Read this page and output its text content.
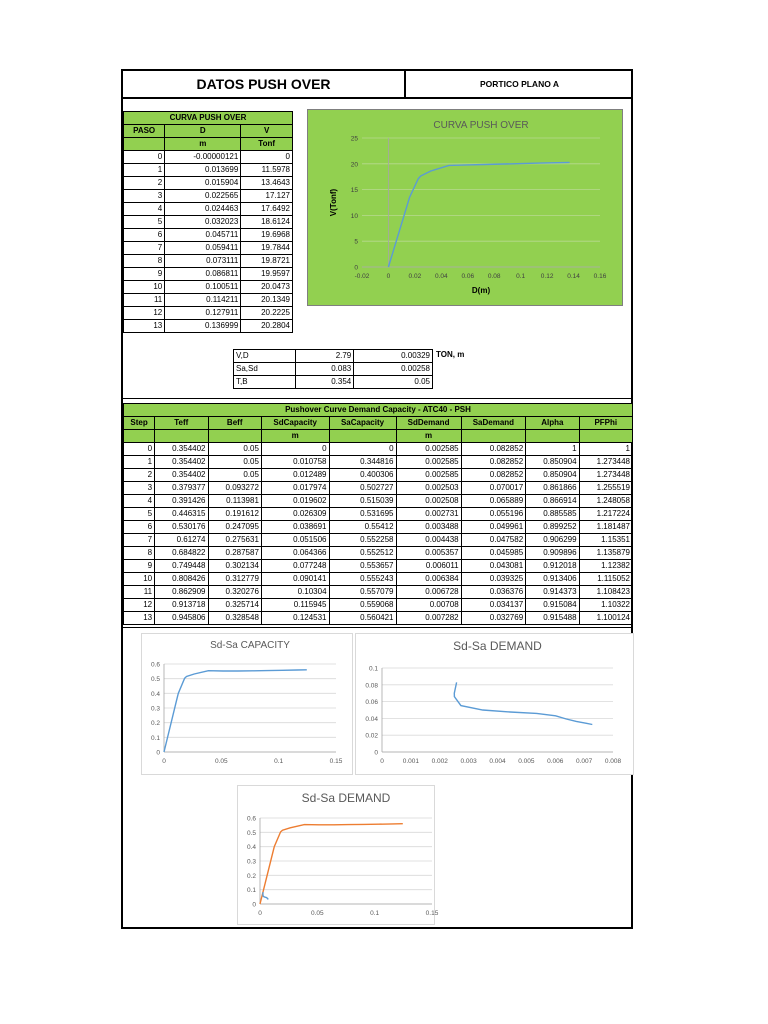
DATOS PUSH OVER	PORTICO PLANO A
CURVA PUSH OVER		
PASO	D	V
	m	Tonf
0	-0.00000121	0
1	0.013699	11.5978
2	0.015904	13.4643
3	0.022565	17.127
4	0.024463	17.6492
5	0.032023	18.6124
6	0.045711	19.6968
7	0.059411	19.7844
8	0.073111	19.8721
9	0.086811	19.9597
10	0.100511	20.0473
11	0.114211	20.1349
12	0.127911	20.2225
13	0.136999	20.2804
CURVA PUSH OVER
0
5
10
15
20
25
-0.02	0	0.02 0.04 0.06 0.08 0.1 0.12 0.14 0.16
D(m)
V(Tonf)
V,D	2.79	0.00329
Sa,Sd	0.083	0.00258
T,B	0.354	0.05
TON, m
Pushover Curve Demand Capacity - ATC40 - PSH								
Step	Teff	Beff	SdCapacity	SaCapacity	SdDemand	SaDemand	Alpha	PFPhi
			m		m			
0	0.354402	0.05	0	0	0.002585	0.082852	1	1
1	0.354402	0.05	0.010758	0.344816	0.002585	0.082852	0.850904	1.273448
2	0.354402	0.05	0.012489	0.400306	0.002585	0.082852	0.850904	1.273448
3	0.379377	0.093272	0.017974	0.502727	0.002503	0.070017	0.861866	1.255519
4	0.391426	0.113981	0.019602	0.515039	0.002508	0.065889	0.866914	1.248058
5	0.446315	0.191612	0.026309	0.531695	0.002731	0.055196	0.885585	1.217224
6	0.530176	0.247095	0.038691	0.55412	0.003488	0.049961	0.899252	1.181487
7	0.61274	0.275631	0.051506	0.552258	0.004438	0.047582	0.906299	1.15351
8	0.684822	0.287587	0.064366	0.552512	0.005357	0.045985	0.909896	1.135879
9	0.749448	0.302134	0.077248	0.553657	0.006011	0.043081	0.912018	1.12382
10	0.808426	0.312779	0.090141	0.555243	0.006384	0.039325	0.913406	1.115052
11	0.862909	0.320276	0.10304	0.557079	0.006728	0.036376	0.914373	1.108423
12	0.913718	0.325714	0.115945	0.559068	0.00708	0.034137	0.915084	1.10322
13	0.945806	0.328548	0.124531	0.560421	0.007282	0.032769	0.915488	1.100124
Sd-Sa CAPACITY
0
0.1
0.2
0.3
0.4
0.5
0.6
0	0.05	0.1	0.15
Sd-Sa DEMAND
0
0.02
0.04
0.06
0.08
0.1
0	0.001 0.002 0.003 0.004 0.005 0.006 0.007 0.008
Sd-Sa DEMAND
0
0.1
0.2
0.3
0.4
0.5
0.6
0	0.05	0.1	0.15
